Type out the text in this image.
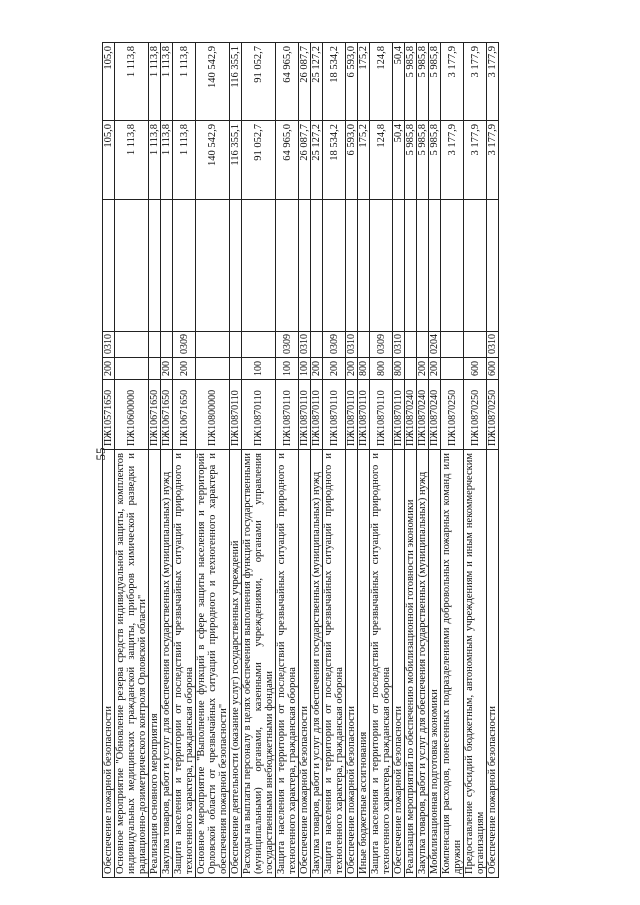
55
Обеспечение пожарной безопасности	ПЖ10571650	200	0310		105,0	105,0
Основное мероприятие "Обновление резерва средств индивидуальной защиты, комплектов индивидуальных медицинских гражданской защиты, приборов химической разведки и радиационно-дозиметрического контроля Орловской области"	ПЖ10600000				1 113,8	1 113,8
Реализация основного мероприятия	ПЖ10671650				1 113,8	1 113,8
Закупка товаров, работ и услуг для обеспечения государственных (муниципальных) нужд	ПЖ10671650	200			1 113,8	1 113,8
Защита населения и территории от последствий чрезвычайных ситуаций природного и техногенного характера, гражданская оборона	ПЖ10671650	200	0309		1 113,8	1 113,8
Основное мероприятие "Выполнение функций в сфере защиты населения и территорий Орловской области от чрезвычайных ситуаций природного и техногенного характера и обеспечения пожарной безопасности"	ПЖ10800000				140 542,9	140 542,9
Обеспечение деятельности (оказание услуг) государственных учреждений	ПЖ10870110				116 355,1	116 355,1
Расходы на выплаты персоналу в целях обеспечения выполнения функций государственными (муниципальными) органами, казенными учреждениями, органами управления государственными внебюджетными фондами	ПЖ10870110	100			91 052,7	91 052,7
Защита населения и территории от последствий чрезвычайных ситуаций природного и техногенного характера, гражданская оборона	ПЖ10870110	100	0309		64 965,0	64 965,0
Обеспечение пожарной безопасности	ПЖ10870110	100	0310		26 087,7	26 087,7
Закупка товаров, работ и услуг для обеспечения государственных (муниципальных) нужд	ПЖ10870110	200			25 127,2	25 127,2
Защита населения и территории от последствий чрезвычайных ситуаций природного и техногенного характера, гражданская оборона	ПЖ10870110	200	0309		18 534,2	18 534,2
Обеспечение пожарной безопасности	ПЖ10870110	200	0310		6 593,0	6 593,0
Иные бюджетные ассигнования	ПЖ10870110	800			175,2	175,2
Защита населения и территории от последствий чрезвычайных ситуаций природного и техногенного характера, гражданская оборона	ПЖ10870110	800	0309		124,8	124,8
Обеспечение пожарной безопасности	ПЖ10870110	800	0310		50,4	50,4
Реализация мероприятий по обеспечению мобилизационной готовности экономики	ПЖ10870240				5 985,8	5 985,8
Закупка товаров, работ и услуг для обеспечения государственных (муниципальных) нужд	ПЖ10870240	200			5 985,8	5 985,8
Мобилизационная подготовка экономики	ПЖ10870240	200	0204		5 985,8	5 985,8
Компенсация расходов, понесенных подразделениями добровольных пожарных команд или дружин	ПЖ10870250				3 177,9	3 177,9
Предоставление субсидий бюджетным, автономным учреждениям и иным некоммерческим организациям	ПЖ10870250	600			3 177,9	3 177,9
Обеспечение пожарной безопасности	ПЖ10870250	600	0310		3 177,9	3 177,9
